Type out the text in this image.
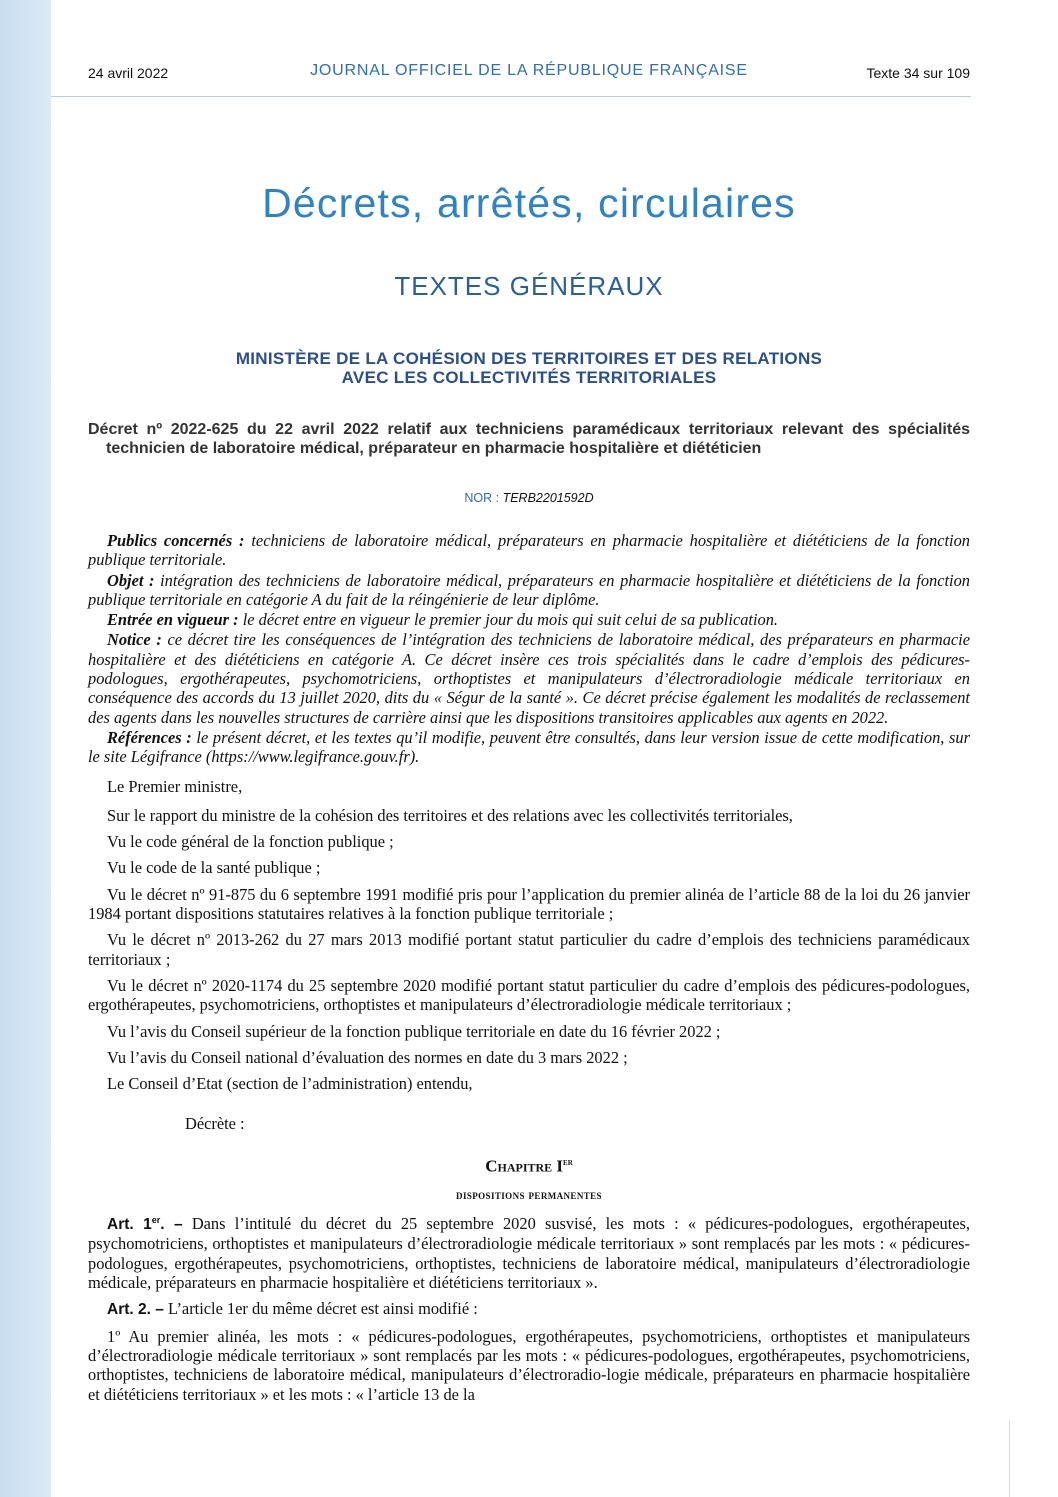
24 avril 2022	JOURNAL OFFICIEL DE LA RÉPUBLIQUE FRANÇAISE	Texte 34 sur 109
Décrets, arrêtés, circulaires
TEXTES GÉNÉRAUX
MINISTÈRE DE LA COHÉSION DES TERRITOIRES ET DES RELATIONS
AVEC LES COLLECTIVITÉS TERRITORIALES
Décret nº 2022-625 du 22 avril 2022 relatif aux techniciens paramédicaux territoriaux relevant des spécialités technicien de laboratoire médical, préparateur en pharmacie hospitalière et diététicien
NOR : TERB2201592D

Publics concernés : techniciens de laboratoire médical, préparateurs en pharmacie hospitalière et diététiciens de la fonction publique territoriale.

Objet : intégration des techniciens de laboratoire médical, préparateurs en pharmacie hospitalière et diététiciens de la fonction publique territoriale en catégorie A du fait de la réingénierie de leur diplôme.

Entrée en vigueur : le décret entre en vigueur le premier jour du mois qui suit celui de sa publication.

Notice : ce décret tire les conséquences de l’intégration des techniciens de laboratoire médical, des préparateurs en pharmacie hospitalière et des diététiciens en catégorie A. Ce décret insère ces trois spécialités dans le cadre d’emplois des pédicures-podologues, ergothérapeutes, psychomotriciens, orthoptistes et manipulateurs d’électroradiologie médicale territoriaux en conséquence des accords du 13 juillet 2020, dits du « Ségur de la santé ». Ce décret précise également les modalités de reclassement des agents dans les nouvelles structures de carrière ainsi que les dispositions transitoires applicables aux agents en 2022.

Références : le présent décret, et les textes qu’il modifie, peuvent être consultés, dans leur version issue de cette modification, sur le site Légifrance (https://www.legifrance.gouv.fr).

Le Premier ministre,

Sur le rapport du ministre de la cohésion des territoires et des relations avec les collectivités territoriales,

Vu le code général de la fonction publique ;

Vu le code de la santé publique ;

Vu le décret nº 91-875 du 6 septembre 1991 modifié pris pour l’application du premier alinéa de l’article 88 de la loi du 26 janvier 1984 portant dispositions statutaires relatives à la fonction publique territoriale ;

Vu le décret nº 2013-262 du 27 mars 2013 modifié portant statut particulier du cadre d’emplois des techniciens paramédicaux territoriaux ;

Vu le décret nº 2020-1174 du 25 septembre 2020 modifié portant statut particulier du cadre d’emplois des pédicures-podologues, ergothérapeutes, psychomotriciens, orthoptistes et manipulateurs d’électroradiologie médicale territoriaux ;

Vu l’avis du Conseil supérieur de la fonction publique territoriale en date du 16 février 2022 ;

Vu l’avis du Conseil national d’évaluation des normes en date du 3 mars 2022 ;

Le Conseil d’Etat (section de l’administration) entendu,

Décrète :

Chapitre Ier

dispositions permanentes

Art. 1er. – Dans l’intitulé du décret du 25 septembre 2020 susvisé, les mots : « pédicures-podologues, ergothérapeutes, psychomotriciens, orthoptistes et manipulateurs d’électroradiologie médicale territoriaux » sont remplacés par les mots : « pédicures-podologues, ergothérapeutes, psychomotriciens, orthoptistes, techniciens de laboratoire médical, manipulateurs d’électroradiologie médicale, préparateurs en pharmacie hospitalière et diététiciens territoriaux ».

Art. 2. – L’article 1er du même décret est ainsi modifié :

1º Au premier alinéa, les mots : « pédicures-podologues, ergothérapeutes, psychomotriciens, orthoptistes et manipulateurs d’électroradiologie médicale territoriaux » sont remplacés par les mots : « pédicures-podologues, ergothérapeutes, psychomotriciens, orthoptistes, techniciens de laboratoire médical, manipulateurs d’électroradio-logie médicale, préparateurs en pharmacie hospitalière et diététiciens territoriaux » et les mots : « l’article 13 de la
